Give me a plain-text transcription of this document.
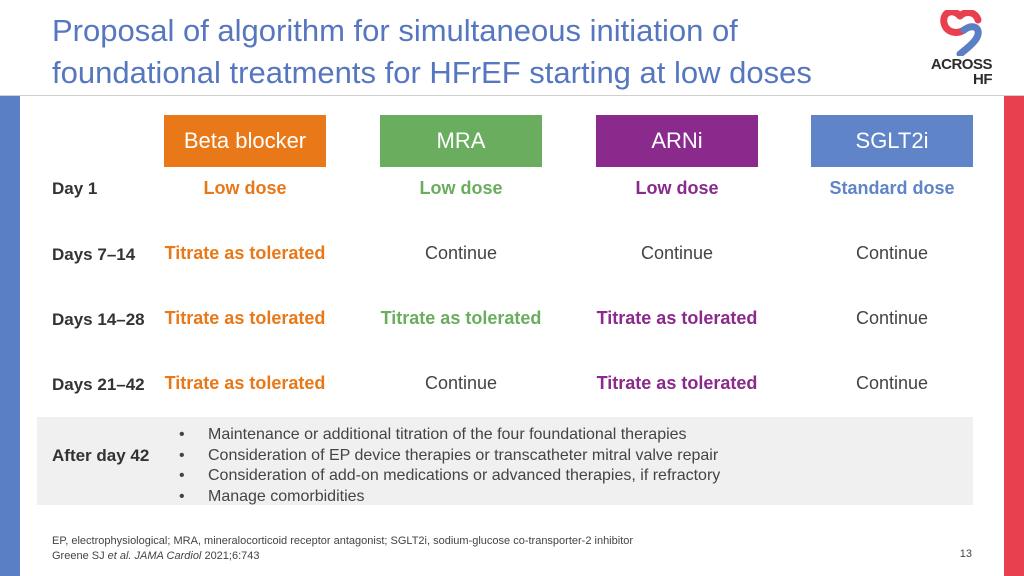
Proposal of algorithm for simultaneous initiation of foundational treatments for HFrEF starting at low doses	ACROSS
HF
Beta blocker	MRA	ARNi	SGLT2i
Day 1	Low dose	Low dose	Low dose	Standard dose
Days 7–14	Titrate as tolerated	Continue	Continue	Continue
Days 14–28	Titrate as tolerated	Titrate as tolerated	Titrate as tolerated	Continue
Days 21–42	Titrate as tolerated	Continue	Titrate as tolerated	Continue
After day 42
• Maintenance or additional titration of the four foundational therapies
• Consideration of EP device therapies or transcatheter mitral valve repair
• Consideration of add-on medications or advanced therapies, if refractory
• Manage comorbidities
EP, electrophysiological; MRA, mineralocorticoid receptor antagonist; SGLT2i, sodium-glucose co-transporter-2 inhibitor
Greene SJ et al. JAMA Cardiol 2021;6:743	13
